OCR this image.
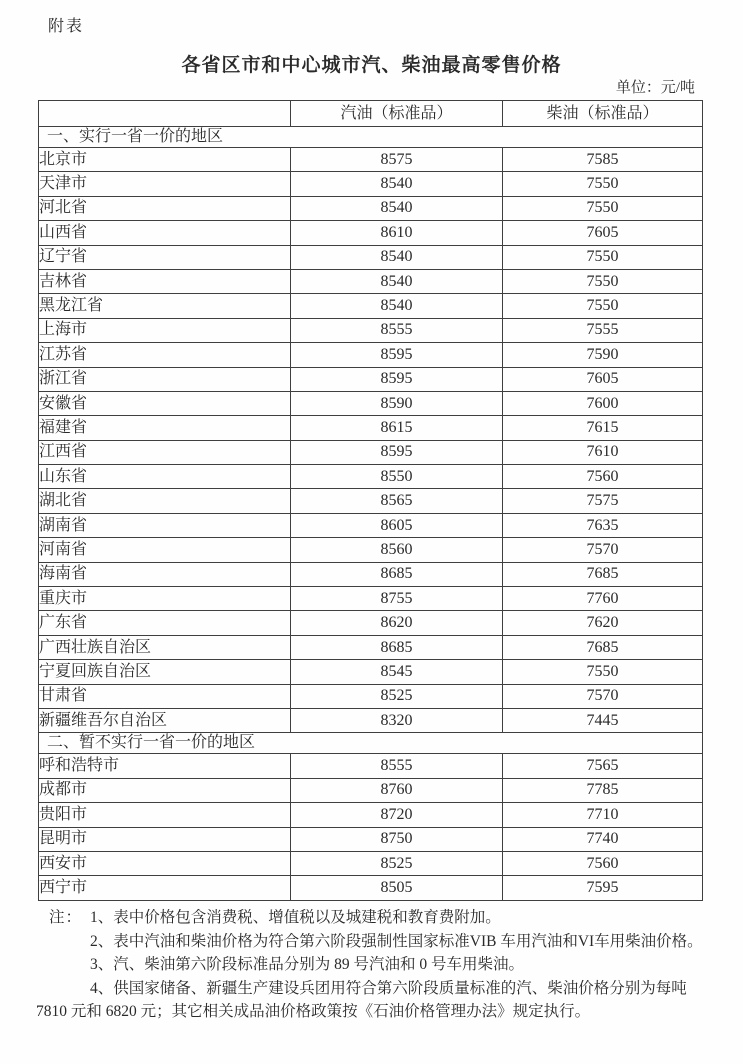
附表
各省区市和中心城市汽、柴油最高零售价格
单位：元/吨
	汽油（标准品）	柴油（标准品）
一、实行一省一价的地区		
北京市	8575	7585
天津市	8540	7550
河北省	8540	7550
山西省	8610	7605
辽宁省	8540	7550
吉林省	8540	7550
黑龙江省	8540	7550
上海市	8555	7555
江苏省	8595	7590
浙江省	8595	7605
安徽省	8590	7600
福建省	8615	7615
江西省	8595	7610
山东省	8550	7560
湖北省	8565	7575
湖南省	8605	7635
河南省	8560	7570
海南省	8685	7685
重庆市	8755	7760
广东省	8620	7620
广西壮族自治区	8685	7685
宁夏回族自治区	8545	7550
甘肃省	8525	7570
新疆维吾尔自治区	8320	7445
二、暂不实行一省一价的地区		
呼和浩特市	8555	7565
成都市	8760	7785
贵阳市	8720	7710
昆明市	8750	7740
西安市	8525	7560
西宁市	8505	7595

注： 1、表中价格包含消费税、增值税以及城建税和教育费附加。

2、表中汽油和柴油价格为符合第六阶段强制性国家标准VIB 车用汽油和VI车用柴油价格。

3、汽、柴油第六阶段标准品分别为 89 号汽油和 0 号车用柴油。

4、供国家储备、新疆生产建设兵团用符合第六阶段质量标准的汽、柴油价格分别为每吨7810 元和 6820 元；其它相关成品油价格政策按《石油价格管理办法》规定执行。
